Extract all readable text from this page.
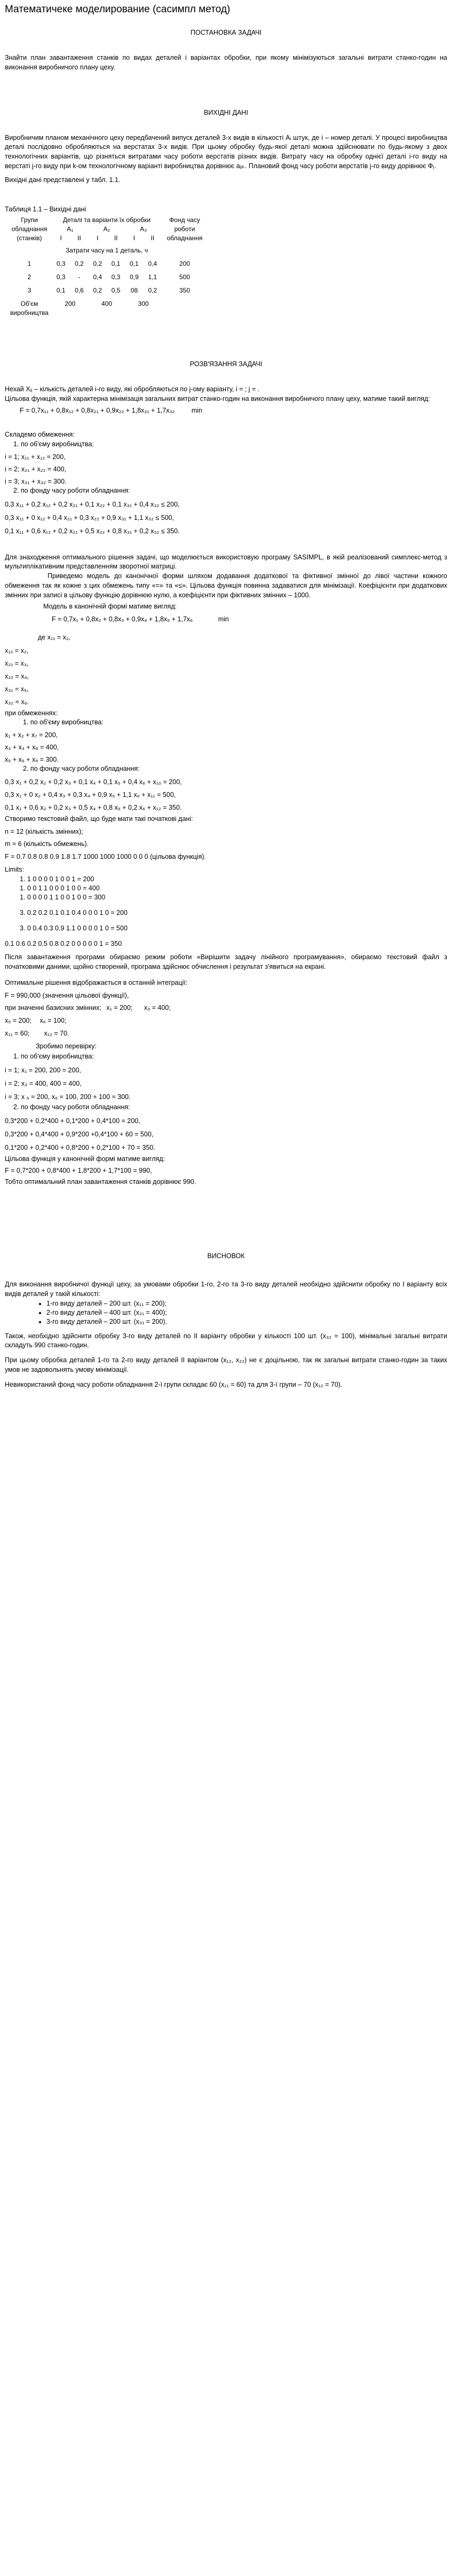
Математичеке моделирование (сасимпл метод)

ПОСТАНОВКА ЗАДАЧІ

Знайти план завантаження станків по видах деталей і варіантах обробки, при якому мінімізуються загальні витрати станко-годин на виконання виробничого плану цеху.

ВИХІДНІ ДАНІ

Виробничим планом механічного цеху передбачений випуск деталей 3-х видів в кількості Aᵢ штук, де і – номер деталі. У процесі виробництва деталі послідовно обробляються на верстатах 3-х видів. При цьому обробку будь-якої деталі можна здійснювати по будь-якому з двох технологічних варіантів, що різняться витратами часу роботи верстатів різних видів. Витрату часу на обробку однієї деталі і-го виду на верстаті j-го виду при k-ом технологічному варіанті виробництва дорівнює aᵢⱼₖ. Плановий фонд часу роботи верстатів j-го виду дорівнює Фⱼ.

Вихідні дані представлені у табл. 1.1.

Таблиця 1.1 – Вихідні дані

Групи обладнання (станків)	Деталі та варіанти їх обробки						Фонд часу роботи обладнання
	A₁		A₂		A₃		
	I	II	I	II	I	II	
	Затрати часу на 1 деталь, ч						
1	0,3	0,2	0,2	0,1	0,1	0,4	200
2	0,3	-	0,4	0,3	0,9	1,1	500
3	0,1	0,6	0,2	0,5	08	0,2	350
Об'єм виробництва	200		400		300		

РОЗВ'ЯЗАННЯ ЗАДАЧІ

Нехай Xᵢⱼ – кількість деталей і-го виду, які обробляються по j-ому варіанту, і = ; j = .

Цільова функція, якій характерна мінімізація загальних витрат станко-годин на виконання виробничого плану цеху, матиме такий вигляд:

F = 0,7x₁₁ + 0,8x₁₂ + 0,8x₂₁ + 0,9x₂₂ + 1,8x₃₁ + 1,7x₃₂	min

Складемо обмеження:

1. по об'єму виробництва:

i = 1; x₁₁ + x₁₂ = 200,

i = 2; x₂₁ + x₂₂ = 400,

i = 3; x₃₁ + x₃₂ = 300.

2. по фонду часу роботи обладнання:

0,3 x₁₁ + 0,2 x₁₂ + 0,2 x₂₁ + 0,1 x₂₂ + 0,1 x₃₁ + 0,4 x₃₂ ≤ 200,

0,3 x₁₁ + 0 x₁₂ + 0,4 x₂₁ + 0,3 x₂₂ + 0,9 x₃₁ + 1,1 x₃₂ ≤ 500,

0,1 x₁₁ + 0,6 x₁₂ + 0,2 x₂₁ + 0,5 x₂₂ + 0,8 x₃₁ + 0,2 x₃₂ ≤ 350.

Для знаходження оптимального рішення задачі, що моделюється використовую програму SASIMPL, в якій реалізований симплекс-метод з мультиплікативним представленням зворотної матриці.

Приведемо модель до канонічної форми шляхом додавання додаткової та фіктивної змінної до лівої частини кожного обмеження так як кожне з цих обмежень типу «=» та «≤». Цільова функція повинна задаватися для мінімізації. Коефіцієнти при додаткових змінних при записі в цільову функцію дорівнюю нулю, а коефіцієнти при фіктивних змінних – 1000.

Модель в канонічній формі матиме вигляд:

F = 0,7x₁ + 0,8x₂ + 0,8x₃ + 0,9x₄ + 1,8x₅ + 1,7x₆	min

де x₁₁ = x₁,

x₁₂ = x₂,

x₂₁ = x₃,

x₂₂ = x₄,

x₃₁ = x₅,

x₃₂ = x₆.

при обмеженнях:

1. по об'єму виробництва:

x₁ + x₂ + x₇ = 200,

x₃ + x₄ + x₈ = 400,

x₅ + x₆ + x₉ = 300.

2. по фонду часу роботи обладнання:

0,3 x₁ + 0,2 x₂ + 0,2 x₃ + 0,1 x₄ + 0,1 x₅ + 0,4 x₆ + x₁₀ = 200,

0,3 x₁ + 0 x₂ + 0,4 x₃ + 0,3 x₄ + 0,9 x₅ + 1,1 x₆ + x₁₁ = 500,

0,1 x₁ + 0,6 x₂ + 0,2 x₃ + 0,5 x₄ + 0,8 x₅ + 0,2 x₆ + x₁₂ = 350.

Створимо текстовий файл, що буде мати такі початкові дані:

n = 12 (кількість змінних);

m = 6 (кількість обмежень).

F = 0.7 0.8 0.8 0.9 1.8 1.7 1000 1000 1000 0 0 0 (цільова функція).

Limits:

1. 1 0 0 0 0 1 0 0 1 = 200

1. 0 0 1 1 0 0 0 1 0 0 = 400

1. 0 0 0 0 1 1 0 0 1 0 0 = 300

3. 0.2 0.2 0.1 0.1 0.4 0 0 0 1 0 = 200

3. 0 0.4 0.3 0.9 1.1 0 0 0 0 1 0 = 500

0.1 0.6 0.2 0.5 0.8 0.2 0 0 0 0 0 1 = 350

Після завантаження програми обираємо режим роботи «Вирішити задачу лінійного програмування», обираємо текстовий файл з початковими даними, щойно створений, програма здійснює обчислення і результат з'явиться на екрані.

Оптимальне рішення відображається в останній інтеграції:

F = 990,000 (значення цільової функції),

при значенні базисних змінних; x₁ = 200; x₃ = 400;

x₅ = 200; x₆ = 100;

x₁₁ = 60; x₁₂ = 70.

Зробимо перевірку:

1. по об'єму виробництва:

i = 1; x₁ = 200, 200 = 200,

i = 2; x₃ = 400, 400 = 400,

i = 3; x ₅ = 200, x₆ = 100, 200 + 100 = 300.

2. по фонду часу роботи обладнання:

0,3*200 + 0,2*400 + 0,1*200 + 0,4*100 = 200,

0,3*200 + 0,4*400 + 0,9*200 +0,4*100 + 60 = 500,

0,1*200 + 0,2*400 + 0,8*200 + 0,2*100 + 70 = 350.

Цільова функція у канонічній формі матиме вигляд:

F = 0,7*200 + 0,8*400 + 1,8*200 + 1,7*100 = 990,

Тобто оптимальний план завантаження станків дорівнює 990.

ВИСНОВОК

Для виконання виробничої функції цеху, за умовами обробки 1-го, 2-го та 3-го виду деталей необхідно здійснити обробку по I варіанту всіх видів деталей у такій кількості:

• 1-го виду деталей – 200 шт. (x₁₁ = 200);
• 2-го виду деталей – 400 шт. (x₂₁ = 400);
• 3-го виду деталей – 200 шт. (x₃₁ = 200).

Також, необхідно здійснити обробку 3-го виду деталей по II варіанту обробки у кількості 100 шт. (x₃₂ = 100), мінімальні загальні витрати складуть 990 станко-годин.

При цьому обробка деталей 1-го та 2-го виду деталей II варіантом (x₁₂, x₂₂) не є доцільною, так як загальні витрати станко-годин за таких умов не задовольнять умову мінімізації.

Невикористаний фонд часу роботи обладнання 2-ї групи складає 60 (x₁₁ = 60) та для 3-ї групи – 70 (x₁₂ = 70).
